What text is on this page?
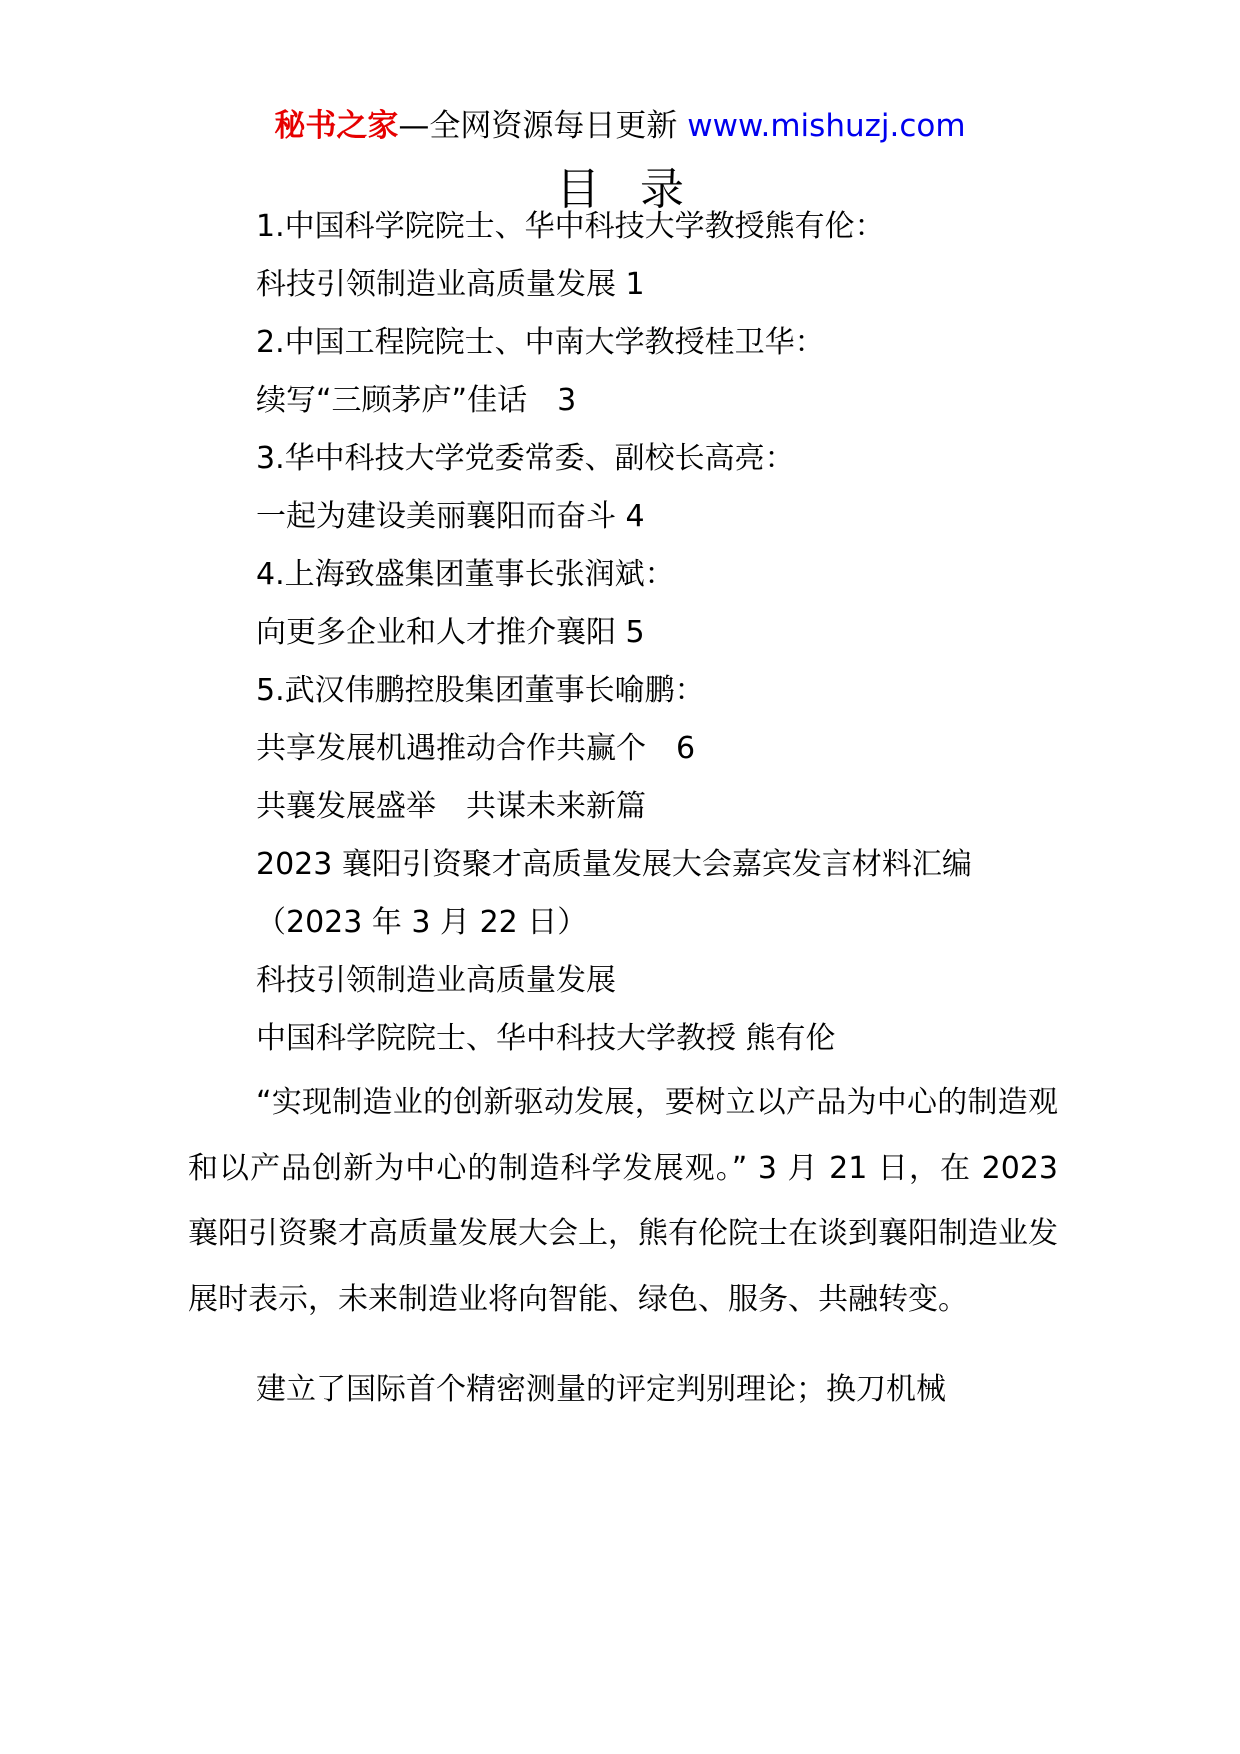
秘书之家—全网资源每日更新 www.mishuzj.com
目录
1.中国科学院院士、华中科技大学教授熊有伦：
科技引领制造业高质量发展 1
2.中国工程院院士、中南大学教授桂卫华：
续写“三顾茅庐”佳话　3
3.华中科技大学党委常委、副校长高亮：
一起为建设美丽襄阳而奋斗 4
4.上海致盛集团董事长张润斌：
向更多企业和人才推介襄阳 5
5.武汉伟鹏控股集团董事长喻鹏：
共享发展机遇推动合作共赢个　6
共襄发展盛举　共谋未来新篇
2023 襄阳引资聚才高质量发展大会嘉宾发言材料汇编
（2023 年 3 月 22 日）
科技引领制造业高质量发展
中国科学院院士、华中科技大学教授 熊有伦
“实现制造业的创新驱动发展，要树立以产品为中心的制造观和以产品创新为中心的制造科学发展观。” 3 月 21 日，在 2023 襄阳引资聚才高质量发展大会上，熊有伦院士在谈到襄阳制造业发展时表示，未来制造业将向智能、绿色、服务、共融转变。
建立了国际首个精密测量的评定判别理论；换刀机械
